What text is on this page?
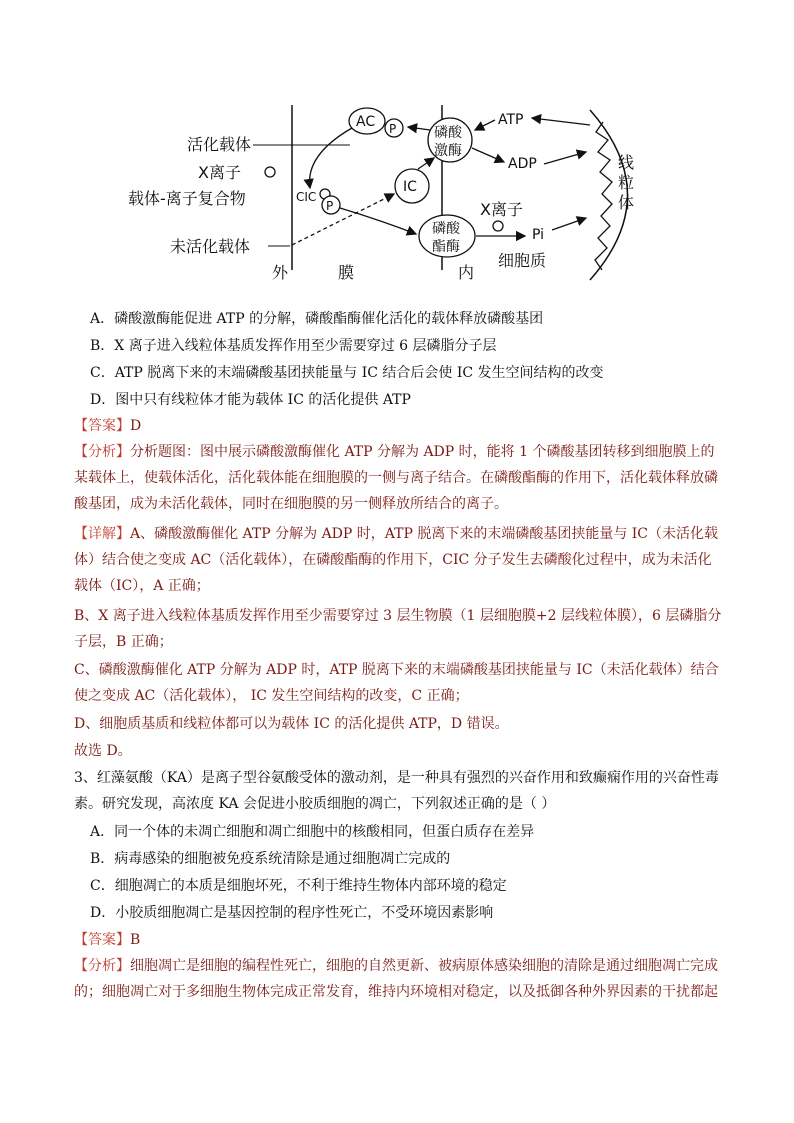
活化载体
X离子
载体-离子复合物
未活化载体
外	膜	内
细胞质
AC P
CIC
P
IC
磷酸
激酶
磷酸
酯酶
ATP
ADP
Pi
X离子
线
粒
体
A．磷酸激酶能促进 ATP 的分解，磷酸酯酶催化活化的载体释放磷酸基团
B．X 离子进入线粒体基质发挥作用至少需要穿过 6 层磷脂分子层
C．ATP 脱离下来的末端磷酸基团挟能量与 IC 结合后会使 IC 发生空间结构的改变
D．图中只有线粒体才能为载体 IC 的活化提供 ATP
【答案】D
【分析】分析题图：图中展示磷酸激酶催化 ATP 分解为 ADP 时，能将 1 个磷酸基团转移到细胞膜上的某载体上，使载体活化，活化载体能在细胞膜的一侧与离子结合。在磷酸酯酶的作用下，活化载体释放磷酸基团，成为未活化载体，同时在细胞膜的另一侧释放所结合的离子。
【详解】A、磷酸激酶催化 ATP 分解为 ADP 时，ATP 脱离下来的末端磷酸基团挟能量与 IC（未活化载体）结合使之变成 AC（活化载体），在磷酸酯酶的作用下，CIC 分子发生去磷酸化过程中，成为未活化载体（IC），A 正确；
B、X 离子进入线粒体基质发挥作用至少需要穿过 3 层生物膜（1 层细胞膜+2 层线粒体膜），6 层磷脂分子层，B 正确；
C、磷酸激酶催化 ATP 分解为 ADP 时，ATP 脱离下来的末端磷酸基团挟能量与 IC（未活化载体）结合使之变成 AC（活化载体）， IC 发生空间结构的改变，C 正确；
D、细胞质基质和线粒体都可以为载体 IC 的活化提供 ATP，D 错误。
故选 D。
3、红藻氨酸（KA）是离子型谷氨酸受体的激动剂，是一种具有强烈的兴奋作用和致癫痫作用的兴奋性毒素。研究发现，高浓度 KA 会促进小胶质细胞的凋亡，下列叙述正确的是（ ）
A．同一个体的未凋亡细胞和凋亡细胞中的核酸相同，但蛋白质存在差异
B．病毒感染的细胞被免疫系统清除是通过细胞凋亡完成的
C．细胞凋亡的本质是细胞坏死，不利于维持生物体内部环境的稳定
D．小胶质细胞凋亡是基因控制的程序性死亡，不受环境因素影响
【答案】B
【分析】细胞凋亡是细胞的编程性死亡，细胞的自然更新、被病原体感染细胞的清除是通过细胞凋亡完成的；细胞凋亡对于多细胞生物体完成正常发育，维持内环境相对稳定，以及抵御各种外界因素的干扰都起
